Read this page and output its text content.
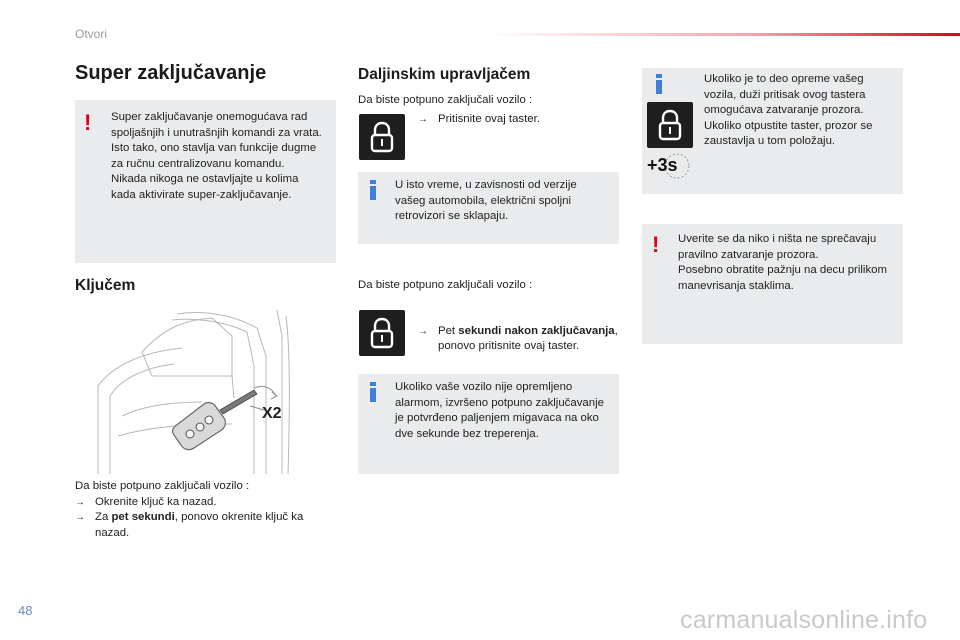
Otvori
Super zaključavanje
! Super zaključavanje onemogućava rad spoljašnjih i unutrašnjih komandi za vrata.

Isto tako, ono stavlja van funkcije dugme za ručnu centralizovanu komandu.

Nikada nikoga ne ostavljajte u kolima kada aktivirate super-zaključavanje.

Ključem
X2

Da biste potpuno zaključali vozilo :

→ Okrenite ključ ka nazad.

→ Za pet sekundi, ponovo okrenite ključ ka nazad.

Daljinskim upravljačem
Da biste potpuno zaključali vozilo :
→ Pritisnite ovaj taster.
U isto vreme, u zavisnosti od verzije vašeg automobila, električni spoljni retrovizori se sklapaju.
Da biste potpuno zaključali vozilo :
→ Pet sekundi nakon zaključavanja, ponovo pritisnite ovaj taster.
Ukoliko vaše vozilo nije opremljeno alarmom, izvršeno potpuno zaključavanje je potvrđeno paljenjem migavaca na oko dve sekunde bez treperenja.
+3s
Ukoliko je to deo opreme vašeg vozila, duži pritisak ovog tastera omogućava zatvaranje prozora. Ukoliko otpustite taster, prozor se zaustavlja u tom položaju.
! Uverite se da niko i ništa ne sprečavaju pravilno zatvaranje prozora.

Posebno obratite pažnju na decu prilikom manevrisanja staklima.

48	carmanualsonline.info
